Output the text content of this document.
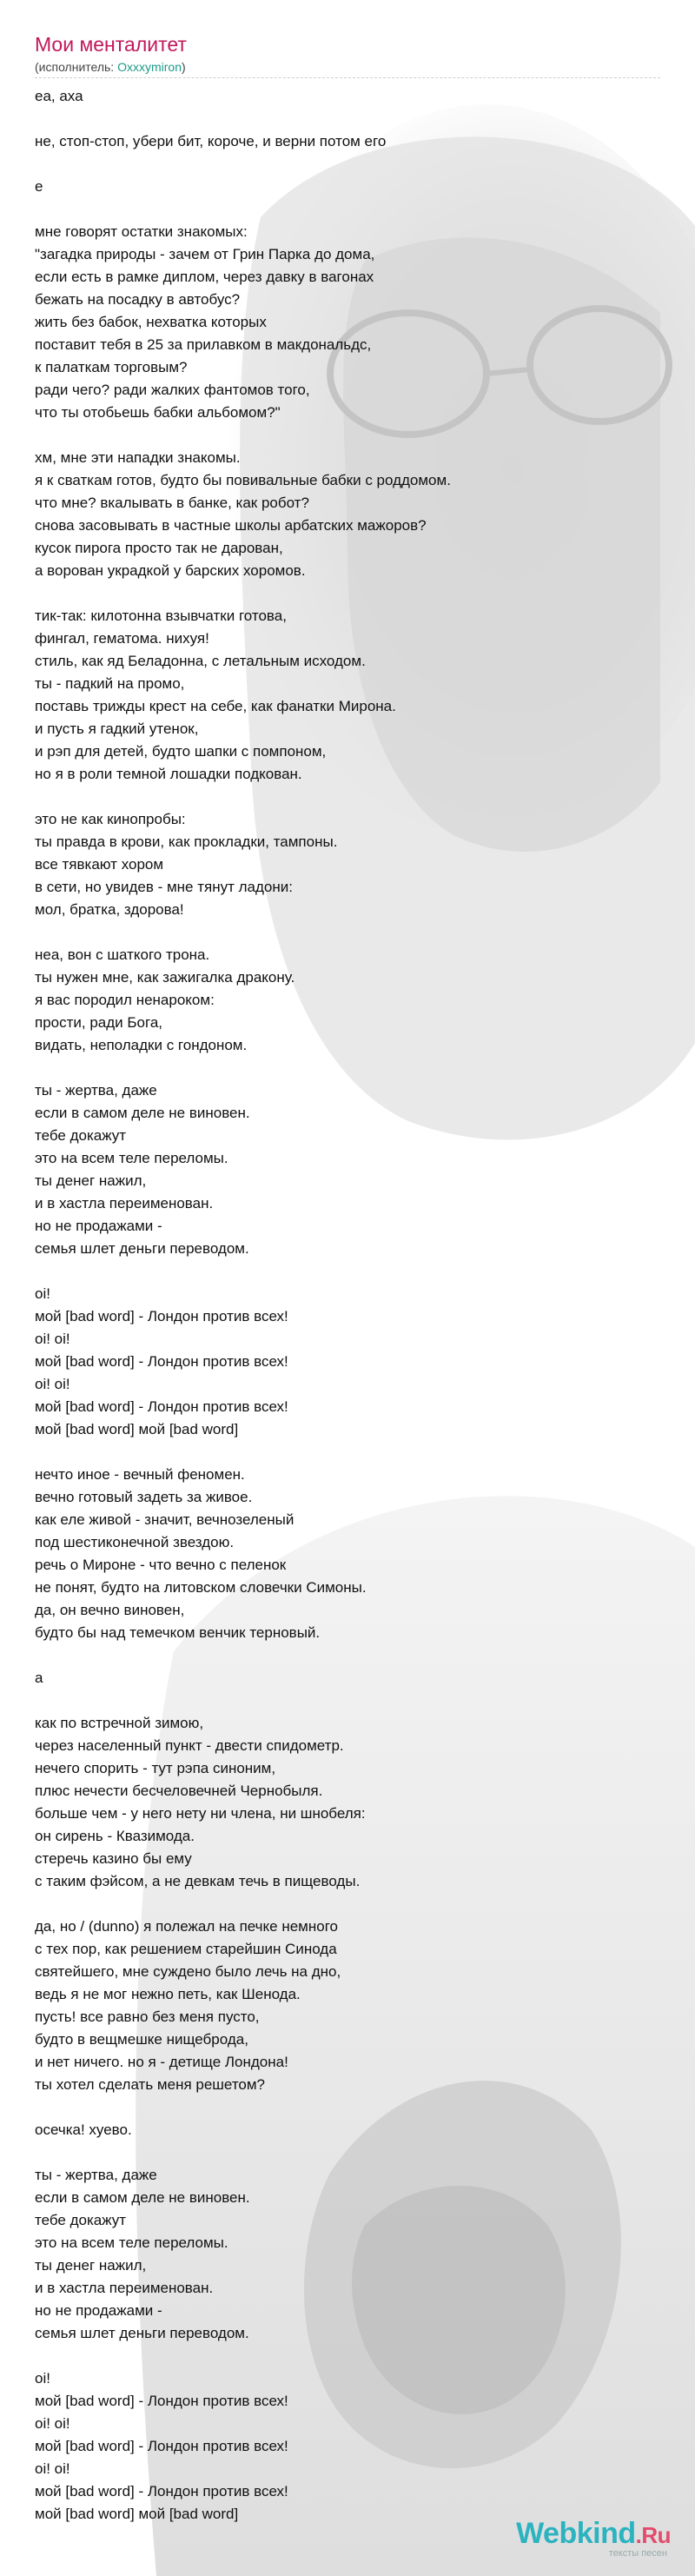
Мои менталитет
(исполнитель: Oxxxymiron)
еа, аха
не, стоп-стоп, убери бит, короче, и верни потом его
е
мне говорят остатки знакомых:
"загадка природы - зачем от Грин Парка до дома,
если есть в рамке диплом, через давку в вагонах
бежать на посадку в автобус?
жить без бабок, нехватка которых
поставит тебя в 25 за прилавком в макдональдс,
к палаткам торговым?
ради чего? ради жалких фантомов того,
что ты отобьешь бабки альбомом?"
хм, мне эти нападки знакомы.
я к сваткам готов, будто бы повивальные бабки с роддомом.
что мне? вкалывать в банке, как робот?
снова засовывать в частные школы арбатских мажоров?
кусок пирога просто так не дарован,
а ворован украдкой у барских хоромов.
тик-так: килотонна взывчатки готова,
фингал, гематома. нихуя!
стиль, как яд Беладонна, с летальным исходом.
ты - падкий на промо,
поставь трижды крест на себе, как фанатки Мирона.
и пусть я гадкий утенок,
и рэп для детей, будто шапки с помпоном,
но я в роли темной лошадки подкован.
это не как кинопробы:
ты правда в крови, как прокладки, тампоны.
все тявкают хором
в сети, но увидев - мне тянут ладони:
мол, братка, здорова!
неа, вон с шаткого трона.
ты нужен мне, как зажигалка дракону.
я вас породил ненароком:
прости, ради Бога,
видать, неполадки с гондоном.
ты - жертва, даже
если в самом деле не виновен.
тебе докажут
это на всем теле переломы.
ты денег нажил,
и в хастла переименован.
но не продажами -
семья шлет деньги переводом.
oi!
мой [bad word] - Лондон против всех!
oi! oi!
мой [bad word] - Лондон против всех!
oi! oi!
мой [bad word] - Лондон против всех!
мой [bad word] мой [bad word]
нечто иное - вечный феномен.
вечно готовый задеть за живое.
как еле живой - значит, вечнозеленый
под шестиконечной звездою.
речь о Мироне - что вечно с пеленок
не понят, будто на литовском словечки Симоны.
да, он вечно виновен,
будто бы над темечком венчик терновый.
а
как по встречной зимою,
через населенный пункт - двести спидометр.
нечего спорить - тут рэпа синоним,
плюс нечести бесчеловечней Чернобыля.
больше чем - у него нету ни члена, ни шнобеля:
он сирень - Квазимода.
стеречь казино бы ему
с таким фэйсом, а не девкам течь в пищеводы.
да, но / (dunno) я полежал на печке немного
с тех пор, как решением старейшин Синода
святейшего, мне суждено было лечь на дно,
ведь я не мог нежно петь, как Шенода.
пусть! все равно без меня пусто,
будто в вещмешке нищеброда,
и нет ничего. но я - детище Лондона!
ты хотел сделать меня решетом?
осечка! хуево.
ты - жертва, даже
если в самом деле не виновен.
тебе докажут
это на всем теле переломы.
ты денег нажил,
и в хастла переименован.
но не продажами -
семья шлет деньги переводом.
oi!
мой [bad word] - Лондон против всех!
oi! oi!
мой [bad word] - Лондон против всех!
oi! oi!
мой [bad word] - Лондон против всех!
мой [bad word] мой [bad word]
Webkind.Ru
тексты песен
